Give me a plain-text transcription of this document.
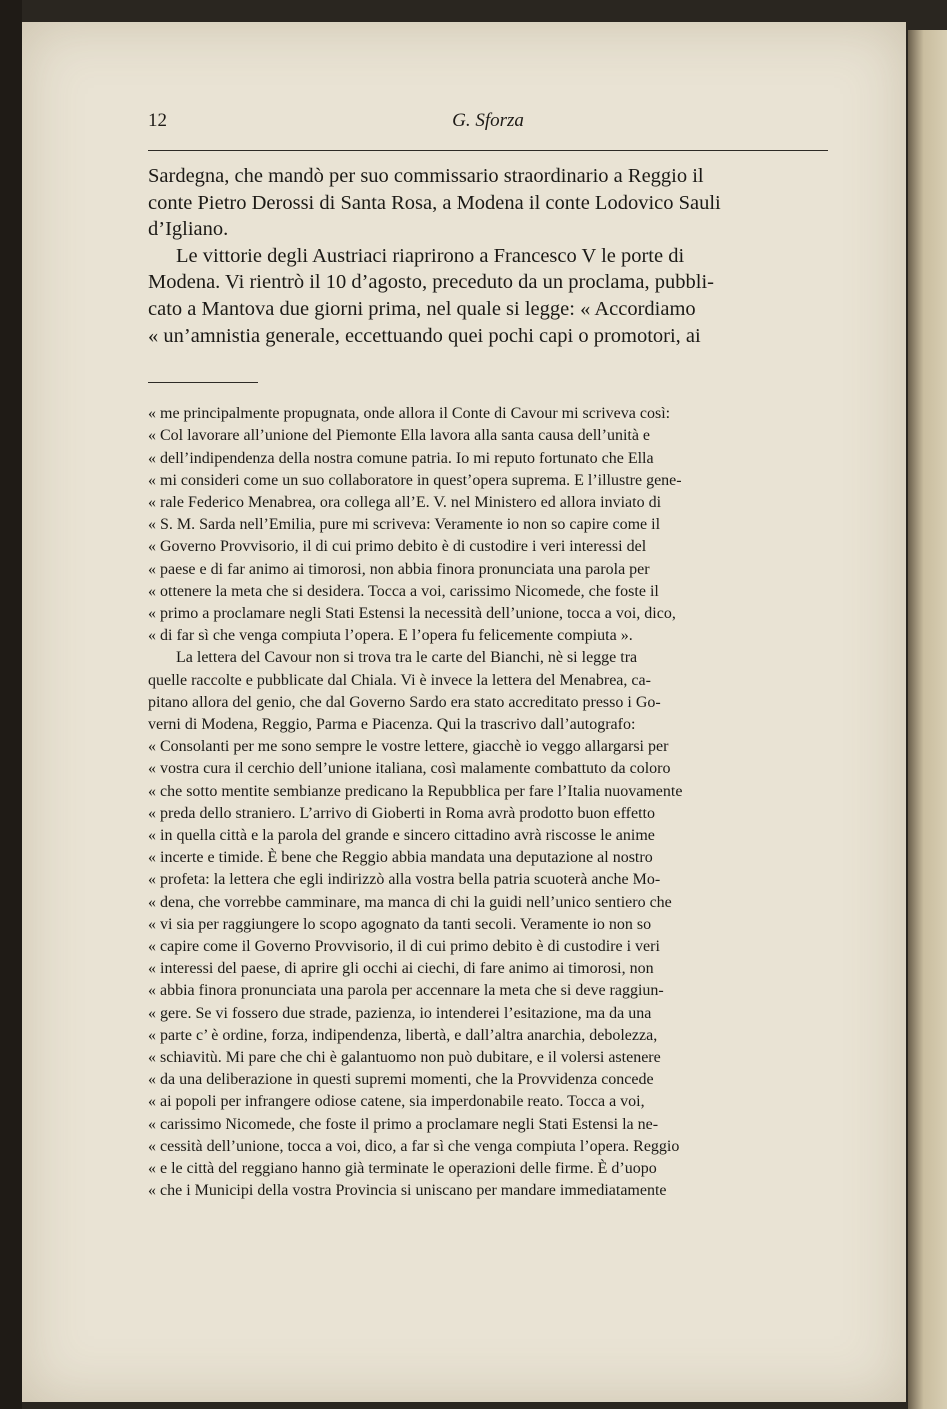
12	G. Sforza

Sardegna, che mandò per suo commissario straordinario a Reggio il
conte Pietro Derossi di Santa Rosa, a Modena il conte Lodovico Sauli
d’Igliano.

Le vittorie degli Austriaci riaprirono a Francesco V le porte di
Modena. Vi rientrò il 10 d’agosto, preceduto da un proclama, pubbli-
cato a Mantova due giorni prima, nel quale si legge: « Accordiamo
« un’amnistia generale, eccettuando quei pochi capi o promotori, ai

« me principalmente propugnata, onde allora il Conte di Cavour mi scriveva così:
« Col lavorare all’unione del Piemonte Ella lavora alla santa causa dell’unità e
« dell’indipendenza della nostra comune patria. Io mi reputo fortunato che Ella
« mi consideri come un suo collaboratore in quest’opera suprema. E l’illustre gene-
« rale Federico Menabrea, ora collega all’E. V. nel Ministero ed allora inviato di
« S. M. Sarda nell’Emilia, pure mi scriveva: Veramente io non so capire come il
« Governo Provvisorio, il di cui primo debito è di custodire i veri interessi del
« paese e di far animo ai timorosi, non abbia finora pronunciata una parola per
« ottenere la meta che si desidera. Tocca a voi, carissimo Nicomede, che foste il
« primo a proclamare negli Stati Estensi la necessità dell’unione, tocca a voi, dico,
« di far sì che venga compiuta l’opera. E l’opera fu felicemente compiuta ».

La lettera del Cavour non si trova tra le carte del Bianchi, nè si legge tra
quelle raccolte e pubblicate dal Chiala. Vi è invece la lettera del Menabrea, ca-
pitano allora del genio, che dal Governo Sardo era stato accreditato presso i Go-
verni di Modena, Reggio, Parma e Piacenza. Qui la trascrivo dall’autografo:
« Consolanti per me sono sempre le vostre lettere, giacchè io veggo allargarsi per
« vostra cura il cerchio dell’unione italiana, così malamente combattuto da coloro
« che sotto mentite sembianze predicano la Repubblica per fare l’Italia nuovamente
« preda dello straniero. L’arrivo di Gioberti in Roma avrà prodotto buon effetto
« in quella città e la parola del grande e sincero cittadino avrà riscosse le anime
« incerte e timide. È bene che Reggio abbia mandata una deputazione al nostro
« profeta: la lettera che egli indirizzò alla vostra bella patria scuoterà anche Mo-
« dena, che vorrebbe camminare, ma manca di chi la guidi nell’unico sentiero che
« vi sia per raggiungere lo scopo agognato da tanti secoli. Veramente io non so
« capire come il Governo Provvisorio, il di cui primo debito è di custodire i veri
« interessi del paese, di aprire gli occhi ai ciechi, di fare animo ai timorosi, non
« abbia finora pronunciata una parola per accennare la meta che si deve raggiun-
« gere. Se vi fossero due strade, pazienza, io intenderei l’esitazione, ma da una
« parte c’ è ordine, forza, indipendenza, libertà, e dall’altra anarchia, debolezza,
« schiavitù. Mi pare che chi è galantuomo non può dubitare, e il volersi astenere
« da una deliberazione in questi supremi momenti, che la Provvidenza concede
« ai popoli per infrangere odiose catene, sia imperdonabile reato. Tocca a voi,
« carissimo Nicomede, che foste il primo a proclamare negli Stati Estensi la ne-
« cessità dell’unione, tocca a voi, dico, a far sì che venga compiuta l’opera. Reggio
« e le città del reggiano hanno già terminate le operazioni delle firme. È d’uopo
« che i Municipi della vostra Provincia si uniscano per mandare immediatamente
